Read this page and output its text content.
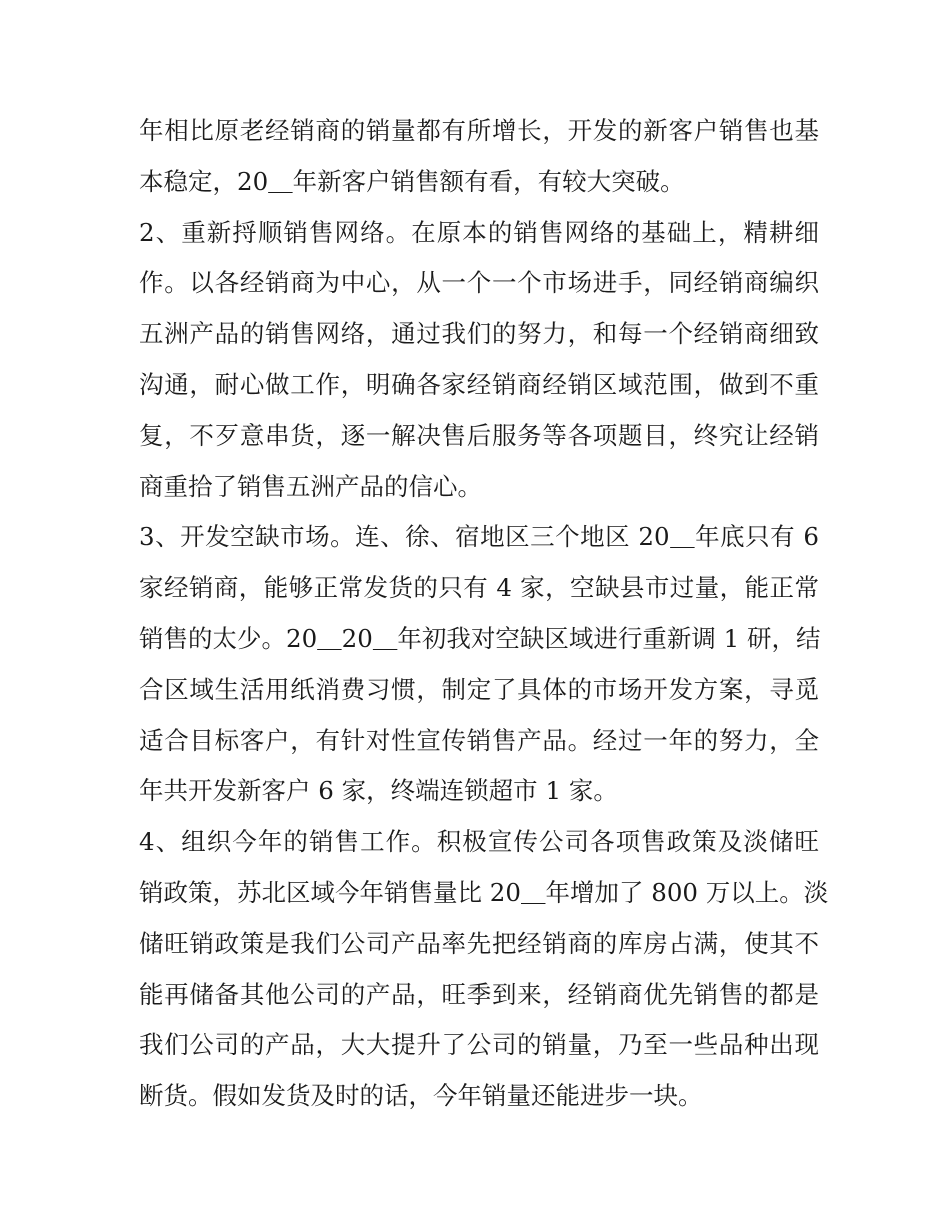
年相比原老经销商的销量都有所增长，开发的新客户销售也基
本稳定，20＿年新客户销售额有看，有较大突破。
2、重新捋顺销售网络。在原本的销售网络的基础上，精耕细
作。以各经销商为中心，从一个一个市场进手，同经销商编织
五洲产品的销售网络，通过我们的努力，和每一个经销商细致
沟通，耐心做工作，明确各家经销商经销区域范围，做到不重
复，不歹意串货，逐一解决售后服务等各项题目，终究让经销
商重拾了销售五洲产品的信心。
3、开发空缺市场。连、徐、宿地区三个地区 20＿年底只有 6
家经销商，能够正常发货的只有 4 家，空缺县市过量，能正常
销售的太少。20＿20＿年初我对空缺区域进行重新调 1 研，结
合区域生活用纸消费习惯，制定了具体的市场开发方案，寻觅
适合目标客户，有针对性宣传销售产品。经过一年的努力，全
年共开发新客户 6 家，终端连锁超市 1 家。
4、组织今年的销售工作。积极宣传公司各项售政策及淡储旺
销政策，苏北区域今年销售量比 20＿年增加了 800 万以上。淡
储旺销政策是我们公司产品率先把经销商的库房占满，使其不
能再储备其他公司的产品，旺季到来，经销商优先销售的都是
我们公司的产品，大大提升了公司的销量，乃至一些品种出现
断货。假如发货及时的话，今年销量还能进步一块。
